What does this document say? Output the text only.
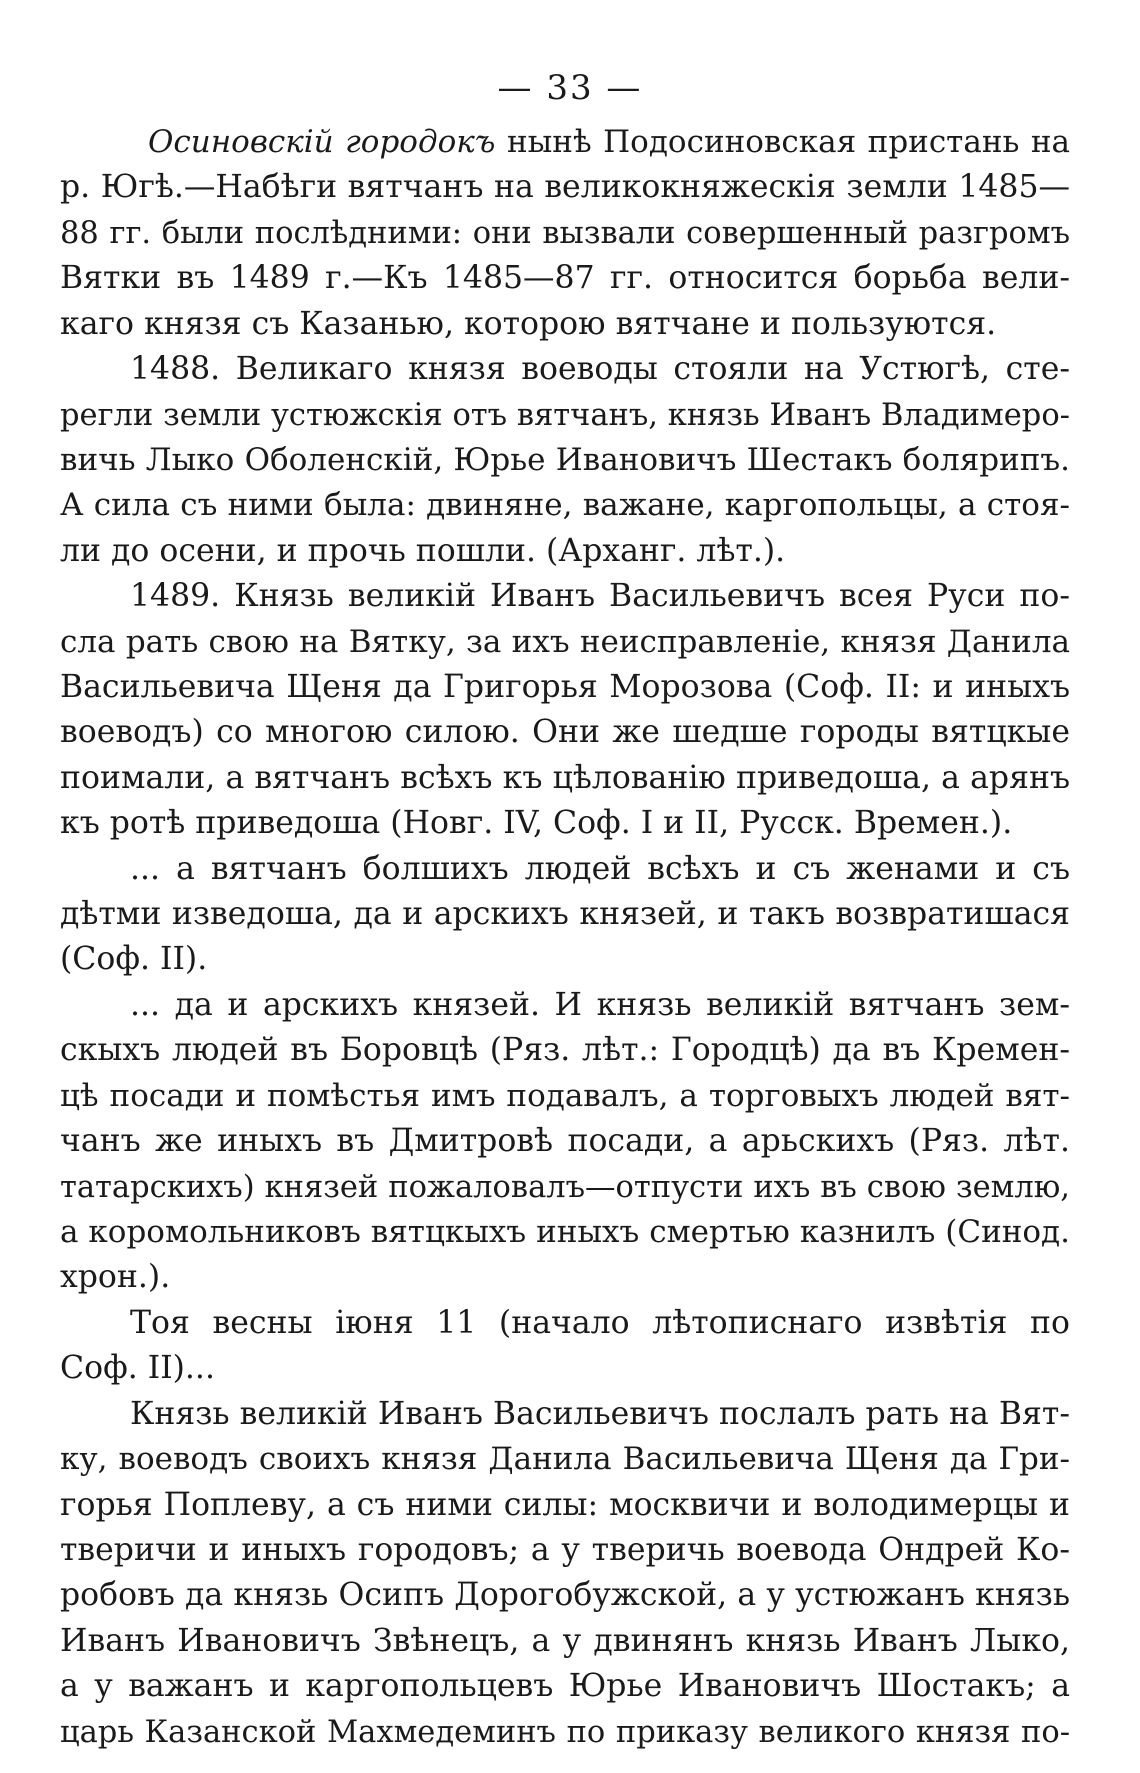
— 33 —
Осиновскій городокъ нынѣ Подосиновская пристань на
р. Югѣ.—Набѣги вятчанъ на великокняжескія земли 1485—
88 гг. были послѣдними: они вызвали совершенный разгромъ
Вятки въ 1489 г.—Къ 1485—87 гг. относится борьба вели-
каго князя съ Казанью, которою вятчане и пользуются.
1488. Великаго князя воеводы стояли на Устюгѣ, сте-
регли земли устюжскія отъ вятчанъ, князь Иванъ Владимеро-
вичь Лыко Оболенскій, Юрье Ивановичъ Шестакъ болярипъ.
А сила съ ними была: двиняне, важане, каргопольцы, а стоя-
ли до осени, и прочь пошли. (Арханг. лѣт.).
1489. Князь великій Иванъ Васильевичъ всея Руси по-
сла рать свою на Вятку, за ихъ неисправленіе, князя Данила
Васильевича Щеня да Григорья Морозова (Соф. II: и иныхъ
воеводъ) со многою силою. Они же шедше городы вятцкые
поимали, а вятчанъ всѣхъ къ цѣлованію приведоша, а арянъ
къ ротѣ приведоша (Новг. IV, Соф. I и II, Русск. Времен.).
... а вятчанъ болшихъ людей всѣхъ и съ женами и съ
дѣтми изведоша, да и арскихъ князей, и такъ возвратишася
(Соф. II).
... да и арскихъ князей. И князь великій вятчанъ зем-
скыхъ людей въ Боровцѣ (Ряз. лѣт.: Городцѣ) да въ Кремен-
цѣ посади и помѣстья имъ подавалъ, а торговыхъ людей вят-
чанъ же иныхъ въ Дмитровѣ посади, а арьскихъ (Ряз. лѣт.
татарскихъ) князей пожаловалъ—отпусти ихъ въ свою землю,
а коромольниковъ вятцкыхъ иныхъ смертью казнилъ (Синод.
хрон.).
Тоя весны іюня 11 (начало лѣтописнаго извѣтія по
Соф. II)...
Князь великій Иванъ Васильевичъ послалъ рать на Вят-
ку, воеводъ своихъ князя Данила Васильевича Щеня да Гри-
горья Поплеву, а съ ними силы: москвичи и володимерцы и
тверичи и иныхъ городовъ; а у тверичь воевода Ондрей Ко-
робовъ да князь Осипъ Дорогобужской, а у устюжанъ князь
Иванъ Ивановичъ Звѣнецъ, а у двинянъ князь Иванъ Лыко,
а у важанъ и каргопольцевъ Юрье Ивановичъ Шостакъ; а
царь Казанской Махмедеминъ по приказу великого князя по-
